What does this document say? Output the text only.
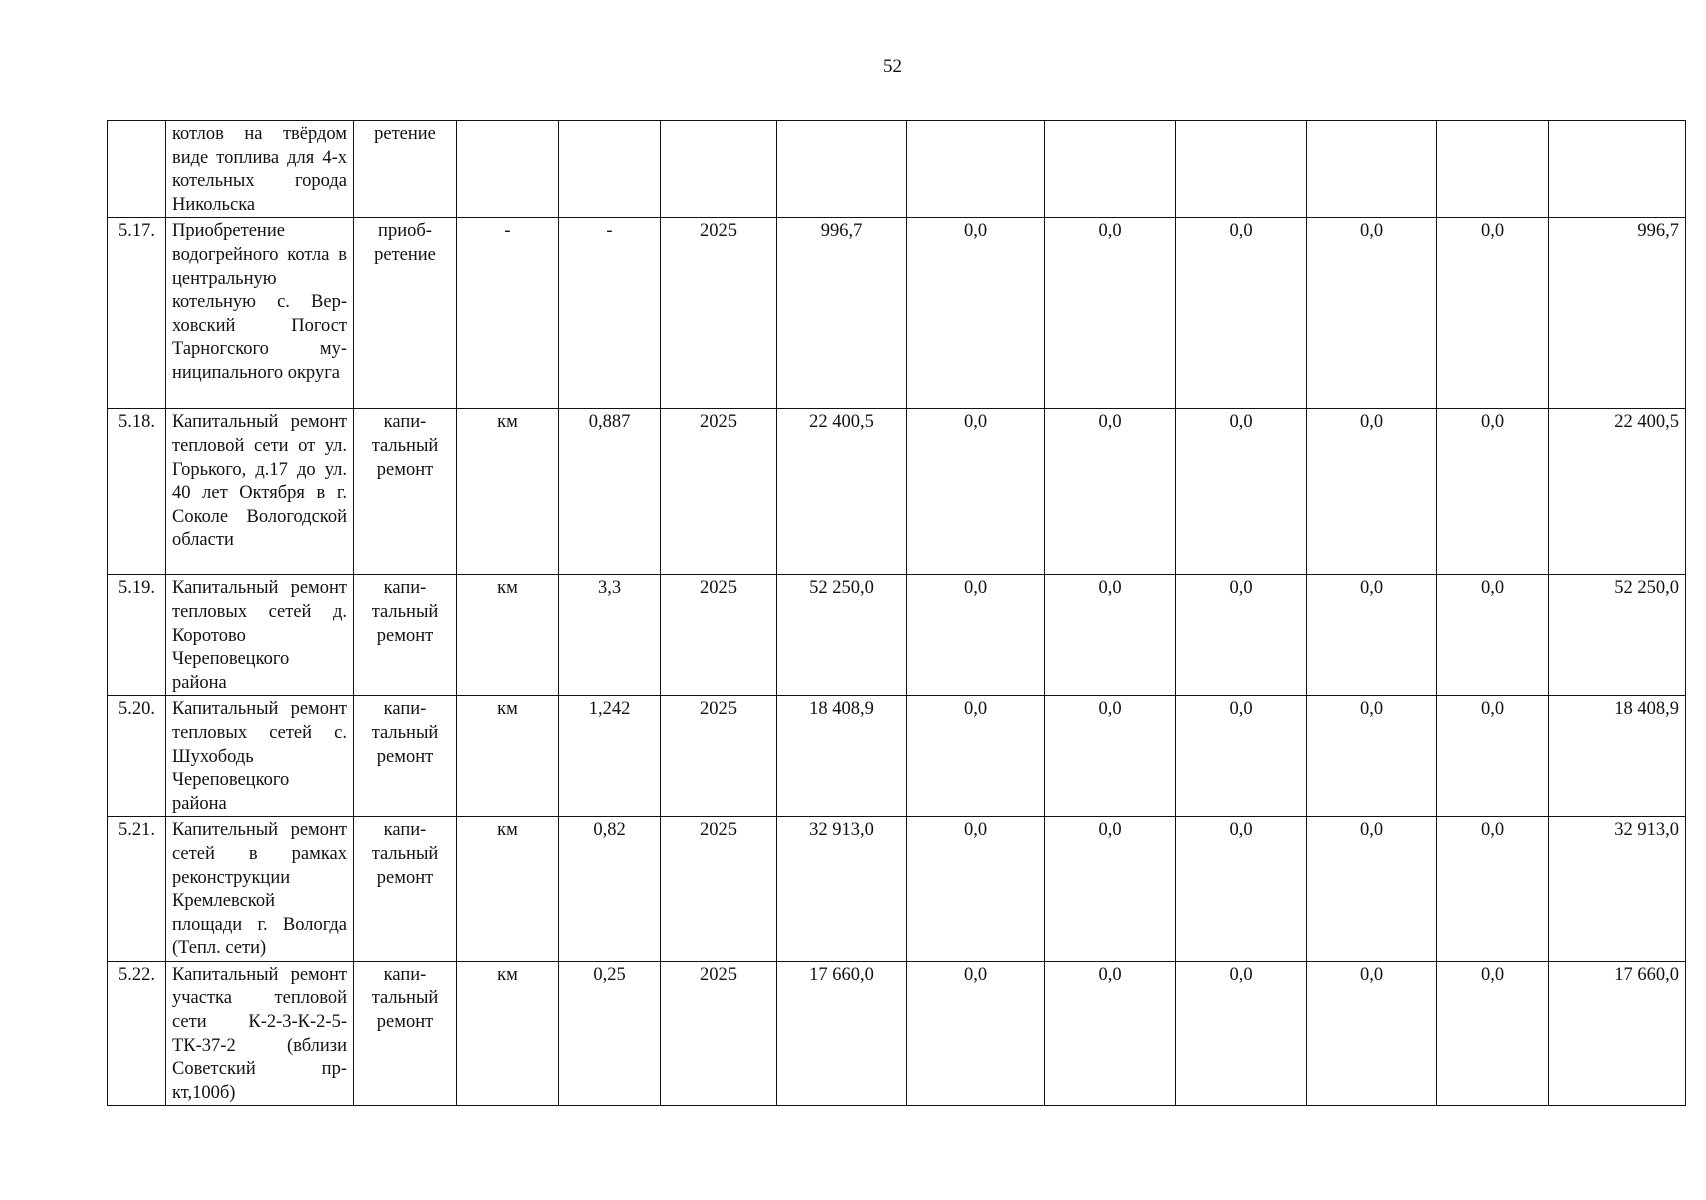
52
	котлов на твёрдом виде топлива для 4-х котельных города Никольска	ретение										
5.17.	Приобретение водогрейного котла в центральную котельную с. Верховский Погост Тарногского муниципального округа	приобретение	-	-	2025	996,7	0,0	0,0	0,0	0,0	0,0	996,7
5.18.	Капитальный ремонт тепловой сети от ул. Горького, д.17 до ул. 40 лет Октября в г. Соколе Вологодской области	капитальный ремонт	км	0,887	2025	22 400,5	0,0	0,0	0,0	0,0	0,0	22 400,5
5.19.	Капитальный ремонт тепловых сетей д. Коротово Череповецкого района	капитальный ремонт	км	3,3	2025	52 250,0	0,0	0,0	0,0	0,0	0,0	52 250,0
5.20.	Капитальный ремонт тепловых сетей с. Шухободь Череповецкого района	капитальный ремонт	км	1,242	2025	18 408,9	0,0	0,0	0,0	0,0	0,0	18 408,9
5.21.	Капительный ремонт сетей в рамках реконструкции Кремлевской площади г. Вологда (Тепл. сети)	капитальный ремонт	км	0,82	2025	32 913,0	0,0	0,0	0,0	0,0	0,0	32 913,0
5.22.	Капитальный ремонт участка тепловой сети К-2-3-К-2-5-ТК-37-2 (вблизи Советский пр-кт,100б)	капитальный ремонт	км	0,25	2025	17 660,0	0,0	0,0	0,0	0,0	0,0	17 660,0
